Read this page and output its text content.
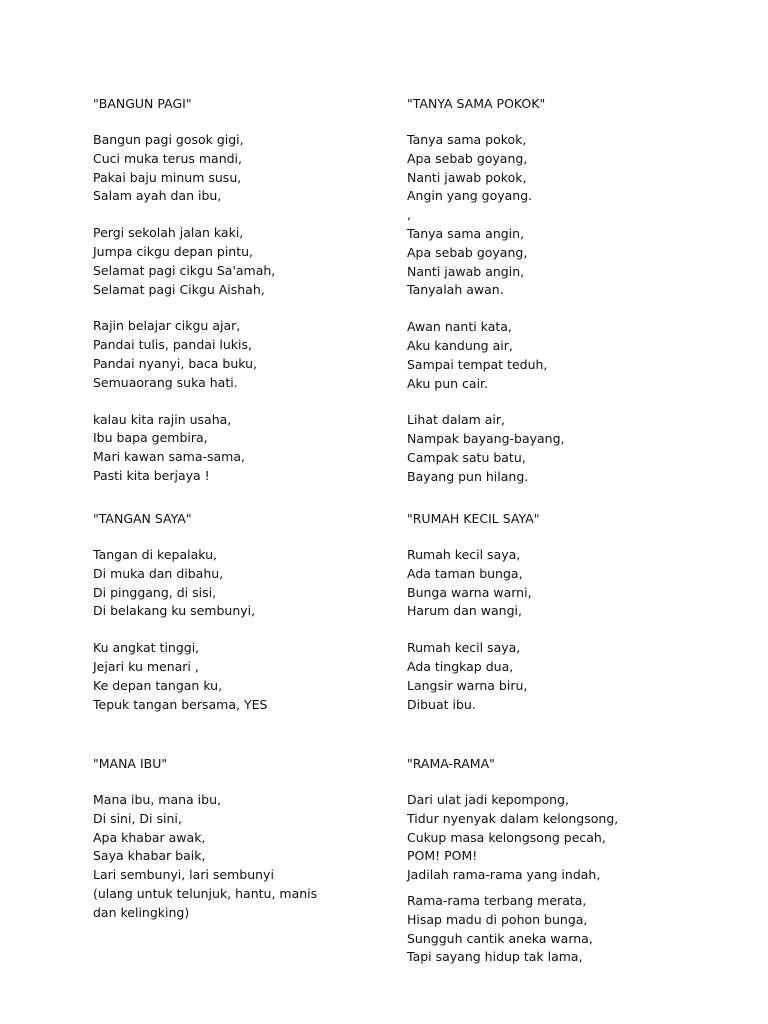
"BANGUN PAGI"
Bangun pagi gosok gigi,
Cuci muka terus mandi,
Pakai baju minum susu,
Salam ayah dan ibu,
Pergi sekolah jalan kaki,
Jumpa cikgu depan pintu,
Selamat pagi cikgu Sa'amah,
Selamat pagi Cikgu Aishah,
Rajin belajar cikgu ajar,
Pandai tulis, pandai lukis,
Pandai nyanyi, baca buku,
Semuaorang suka hati.
kalau kita rajin usaha,
Ibu bapa gembira,
Mari kawan sama-sama,
Pasti kita berjaya !
"TANYA SAMA POKOK"
Tanya sama pokok,
Apa sebab goyang,
Nanti jawab pokok,
Angin yang goyang.
,
Tanya sama angin,
Apa sebab goyang,
Nanti jawab angin,
Tanyalah awan.
Awan nanti kata,
Aku kandung air,
Sampai tempat teduh,
Aku pun cair.
Lihat dalam air,
Nampak bayang-bayang,
Campak satu batu,
Bayang pun hilang.
"TANGAN SAYA"
Tangan di kepalaku,
Di muka dan dibahu,
Di pinggang, di sisi,
Di belakang ku sembunyi,
Ku angkat tinggi,
Jejari ku menari ,
Ke depan tangan ku,
Tepuk tangan bersama, YES
"RUMAH KECIL SAYA"
Rumah kecil saya,
Ada taman bunga,
Bunga warna warni,
Harum dan wangi,
Rumah kecil saya,
Ada tingkap dua,
Langsir warna biru,
Dibuat ibu.
"MANA IBU"
Mana ibu, mana ibu,
Di sini, Di sini,
Apa khabar awak,
Saya khabar baik,
Lari sembunyi, lari sembunyi
(ulang untuk telunjuk, hantu, manis dan kelingking)
"RAMA-RAMA"
Dari ulat jadi kepompong,
Tidur nyenyak dalam kelongsong,
Cukup masa kelongsong pecah,
POM! POM!
Jadilah rama-rama yang indah,
Rama-rama terbang merata,
Hisap madu di pohon bunga,
Sungguh cantik aneka warna,
Tapi sayang hidup tak lama,
